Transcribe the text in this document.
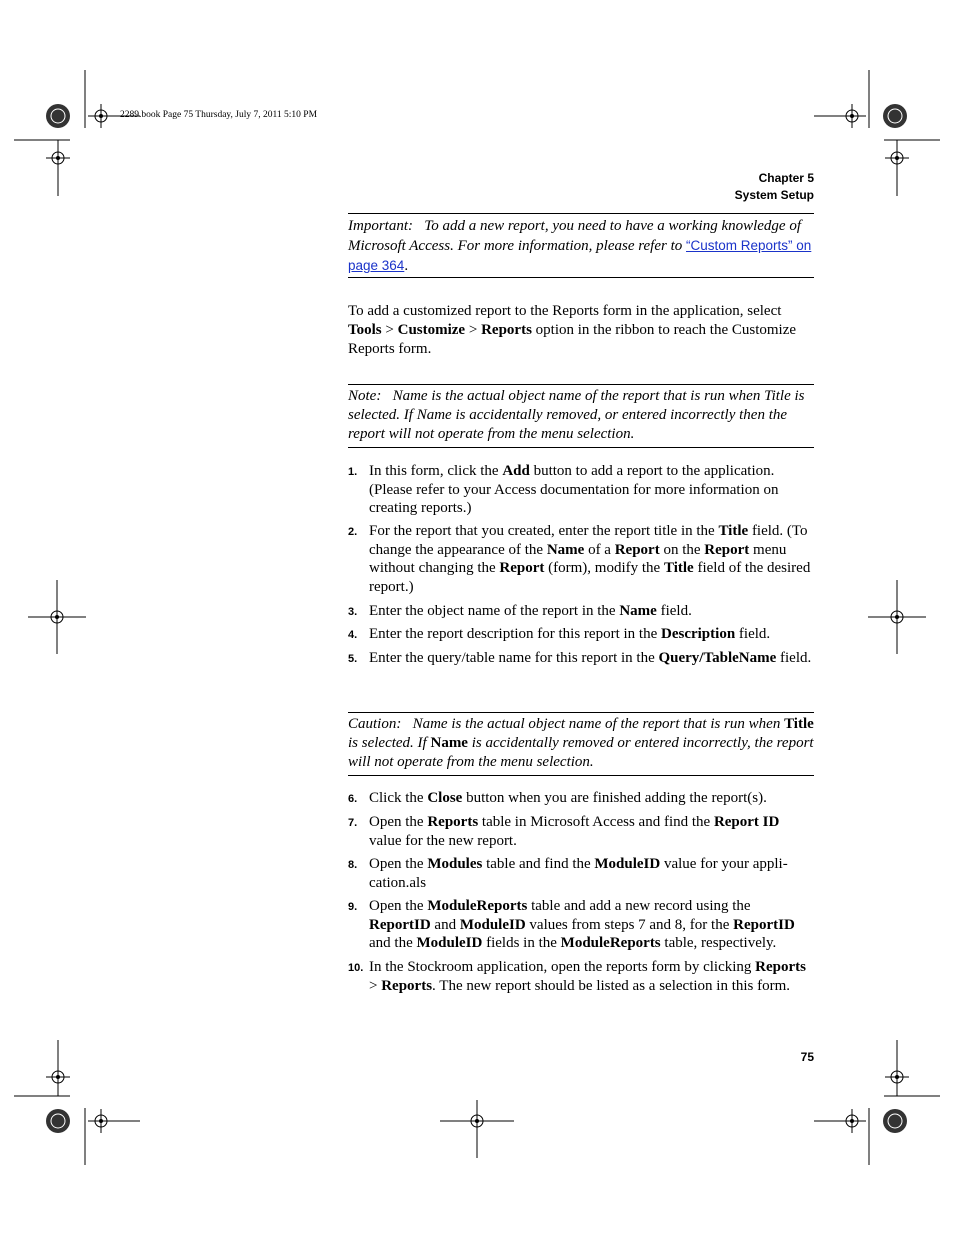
2289.book Page 75 Thursday, July 7, 2011 5:10 PM
Chapter 5
System Setup
Important: To add a new report, you need to have a working knowledge of Microsoft Access. For more information, please refer to “Custom Reports” on page 364.
To add a customized report to the Reports form in the application, select Tools > Customize > Reports option in the ribbon to reach the Customize Reports form.
Note: Name is the actual object name of the report that is run when Title is selected. If Name is accidentally removed, or entered incorrectly then the report will not operate from the menu selection.
1. In this form, click the Add button to add a report to the application. (Please refer to your Access documentation for more information on creating reports.)
2. For the report that you created, enter the report title in the Title field. (To change the appearance of the Name of a Report on the Report menu without changing the Report (form), modify the Title field of the desired report.)
3. Enter the object name of the report in the Name field.
4. Enter the report description for this report in the Description field.
5. Enter the query/table name for this report in the Query/TableName field.
Caution: Name is the actual object name of the report that is run when Title is selected. If Name is accidentally removed or entered incorrectly, the report will not operate from the menu selection.
6. Click the Close button when you are finished adding the report(s).
7. Open the Reports table in Microsoft Access and find the Report ID value for the new report.
8. Open the Modules table and find the ModuleID value for your appli-cation.als
9. Open the ModuleReports table and add a new record using the ReportID and ModuleID values from steps 7 and 8, for the ReportID and the ModuleID fields in the ModuleReports table, respectively.
10. In the Stockroom application, open the reports form by clicking Reports > Reports. The new report should be listed as a selection in this form.
75
